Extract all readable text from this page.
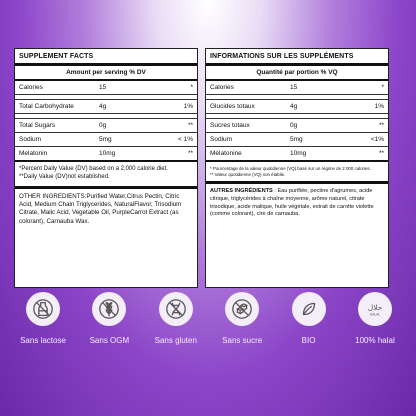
SUPPLEMENT FACTS
Amount per serving % DV
Calories	15	*
Total Carbohydrate	4g	1%
Total Sugars	0g	**
Sodium	5mg	< 1%
Melatonin	10mg	**
*Percent Daily Value (DV) based on a 2,000 calorie diet.
**Daily Value (DV)not established.
OTHER INGREDIENTS:Purified Water,Citrus Pectin, Citric Acid, Medium Chain Triglycerides, NaturalFlavor, Trisodium Citrate, Malic Acid, Vegetable Oil, PurpleCarrot Extract (as colorant), Carnauba Wax.
INFORMATIONS SUR LES SUPPLÉMENTS
Quantité par portion % VQ
Calories	15	*
Glucides totaux	4g	1%
Sucres totaux	0g	**
Sodium	5mg	<1%
Mélatonine	10mg	**
* Pourcentage de la valeur quotidienne (VQ) basé sur un régime de 2 000 calories.
** Valeur quotidienne (VQ) non établie.
AUTRES INGRÉDIENTS : Eau purifiée, pectine d'agrumes, acide citrique, triglycérides à chaîne moyenne, arôme naturel, citrate trisodique, acide malique, huile végétale, extrait de carotte violette (comme colorant), cire de carnauba.
Sans lactose	Sans OGM	Sans gluten	Sans sucre	BIO
حلال
HALAL
100% halal
